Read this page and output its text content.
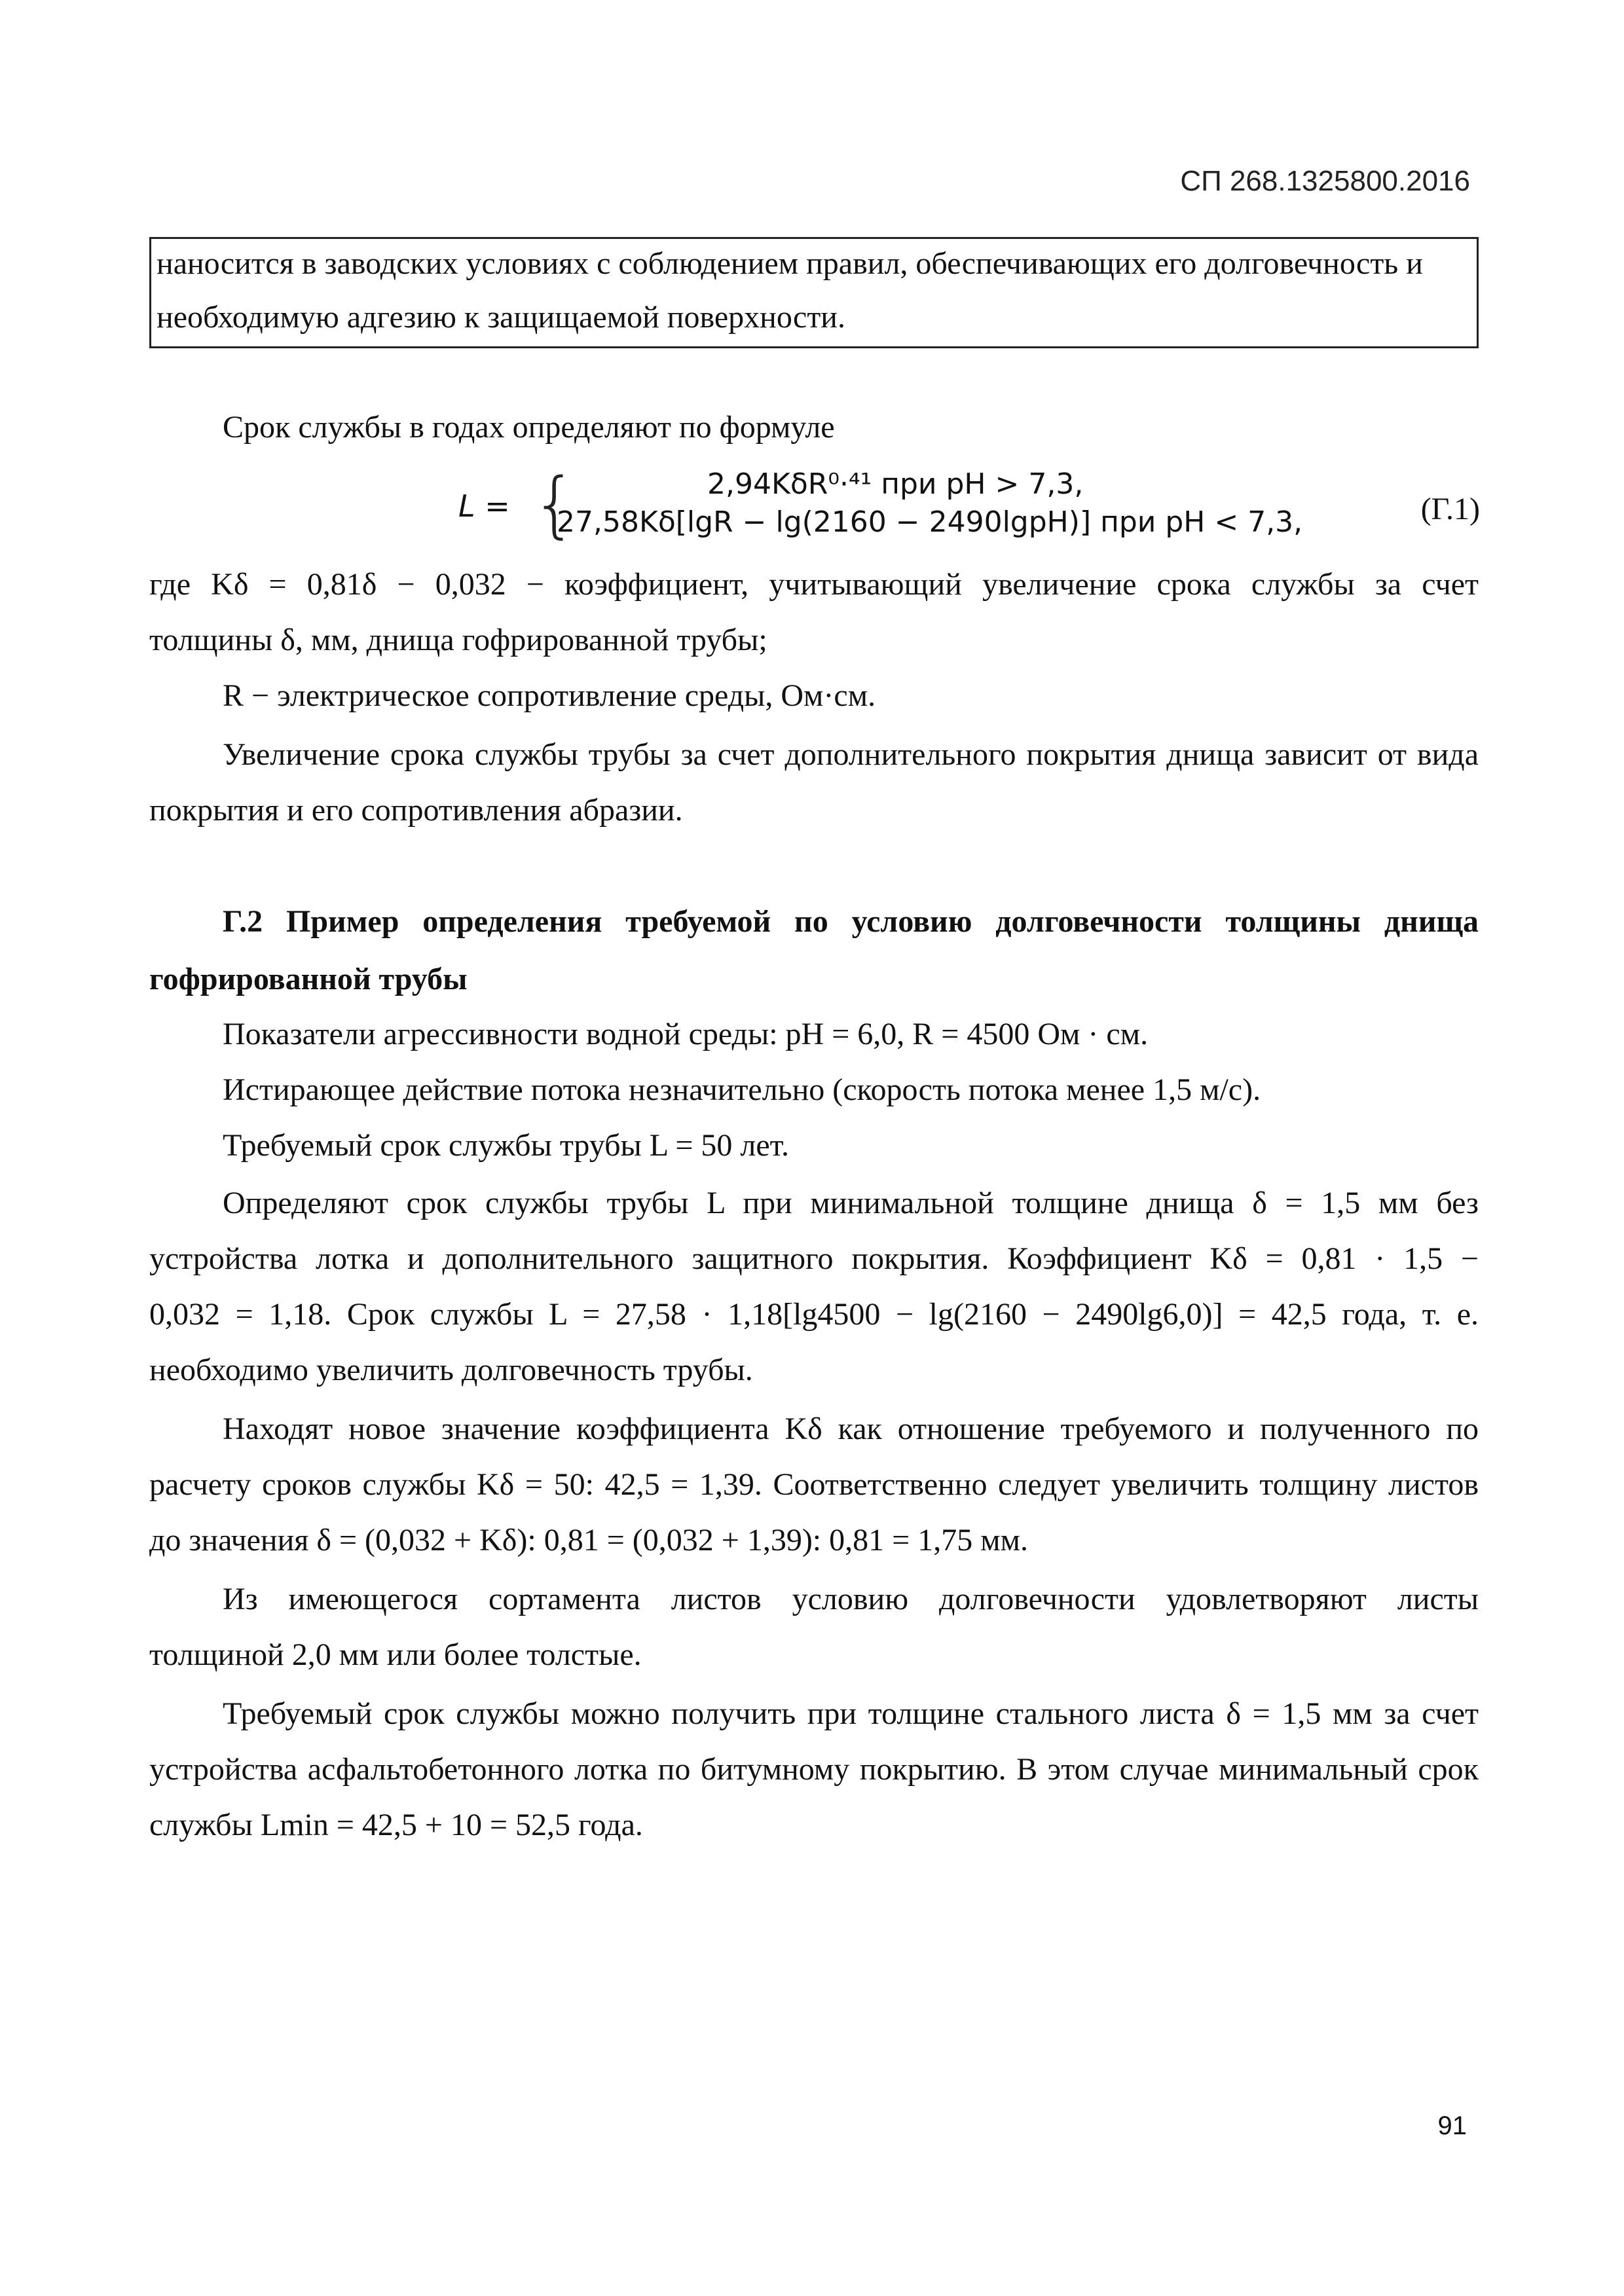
СП 268.1325800.2016

наносится в заводских условиях с соблюдением правил, обеспечивающих его долговечность и

необходимую адгезию к защищаемой поверхности.

Срок службы в годах определяют по формуле

L = {	2,94KδR⁰·⁴¹ при pH > 7,3,
27,58Kδ[lgR − lg(2160 − 2490lgpH)] при pH < 7,3,	(Г.1)

где Kδ = 0,81δ − 0,032 − коэффициент, учитывающий увеличение срока службы за счет

толщины δ, мм, днища гофрированной трубы;

R − электрическое сопротивление среды, Ом·см.

Увеличение срока службы трубы за счет дополнительного покрытия днища зависит от вида

покрытия и его сопротивления абразии.

Г.2 Пример определения требуемой по условию долговечности толщины днища

гофрированной трубы

Показатели агрессивности водной среды: pH = 6,0, R = 4500 Ом · см.

Истирающее действие потока незначительно (скорость потока менее 1,5 м/с).

Требуемый срок службы трубы L = 50 лет.

Определяют срок службы трубы L при минимальной толщине днища δ = 1,5 мм без

устройства лотка и дополнительного защитного покрытия. Коэффициент Kδ = 0,81 · 1,5 −

0,032 = 1,18. Срок службы L = 27,58 · 1,18[lg4500 − lg(2160 − 2490lg6,0)] = 42,5 года, т. е.

необходимо увеличить долговечность трубы.

Находят новое значение коэффициента Kδ как отношение требуемого и полученного по

расчету сроков службы Kδ = 50: 42,5 = 1,39. Соответственно следует увеличить толщину листов

до значения δ = (0,032 + Kδ): 0,81 = (0,032 + 1,39): 0,81 = 1,75 мм.

Из имеющегося сортамента листов условию долговечности удовлетворяют листы

толщиной 2,0 мм или более толстые.

Требуемый срок службы можно получить при толщине стального листа δ = 1,5 мм за счет

устройства асфальтобетонного лотка по битумному покрытию. В этом случае минимальный срок

службы Lmin = 42,5 + 10 = 52,5 года.

91
